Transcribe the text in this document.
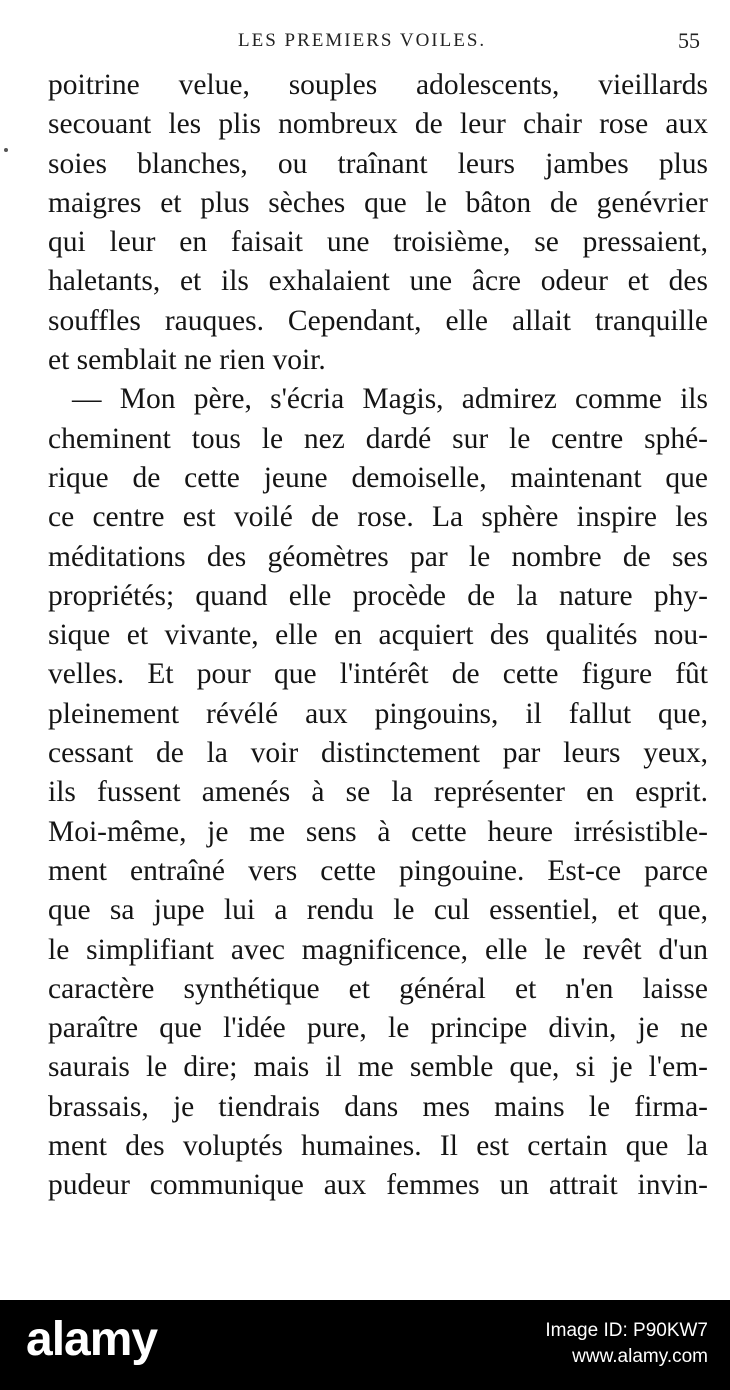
LES PREMIERS VOILES.	55
poitrine velue, souples adolescents, vieillards
secouant les plis nombreux de leur chair rose aux
soies blanches, ou traînant leurs jambes plus
maigres et plus sèches que le bâton de genévrier
qui leur en faisait une troisième, se pressaient,
haletants, et ils exhalaient une âcre odeur et des
souffles rauques. Cependant, elle allait tranquille
et semblait ne rien voir.
— Mon père, s'écria Magis, admirez comme ils
cheminent tous le nez dardé sur le centre sphé-
rique de cette jeune demoiselle, maintenant que
ce centre est voilé de rose. La sphère inspire les
méditations des géomètres par le nombre de ses
propriétés; quand elle procède de la nature phy-
sique et vivante, elle en acquiert des qualités nou-
velles. Et pour que l'intérêt de cette figure fût
pleinement révélé aux pingouins, il fallut que,
cessant de la voir distinctement par leurs yeux,
ils fussent amenés à se la représenter en esprit.
Moi-même, je me sens à cette heure irrésistible-
ment entraîné vers cette pingouine. Est-ce parce
que sa jupe lui a rendu le cul essentiel, et que,
le simplifiant avec magnificence, elle le revêt d'un
caractère synthétique et général et n'en laisse
paraître que l'idée pure, le principe divin, je ne
saurais le dire; mais il me semble que, si je l'em-
brassais, je tiendrais dans mes mains le firma-
ment des voluptés humaines. Il est certain que la
pudeur communique aux femmes un attrait invin-
alamy	Image ID: P90KW7
www.alamy.com
